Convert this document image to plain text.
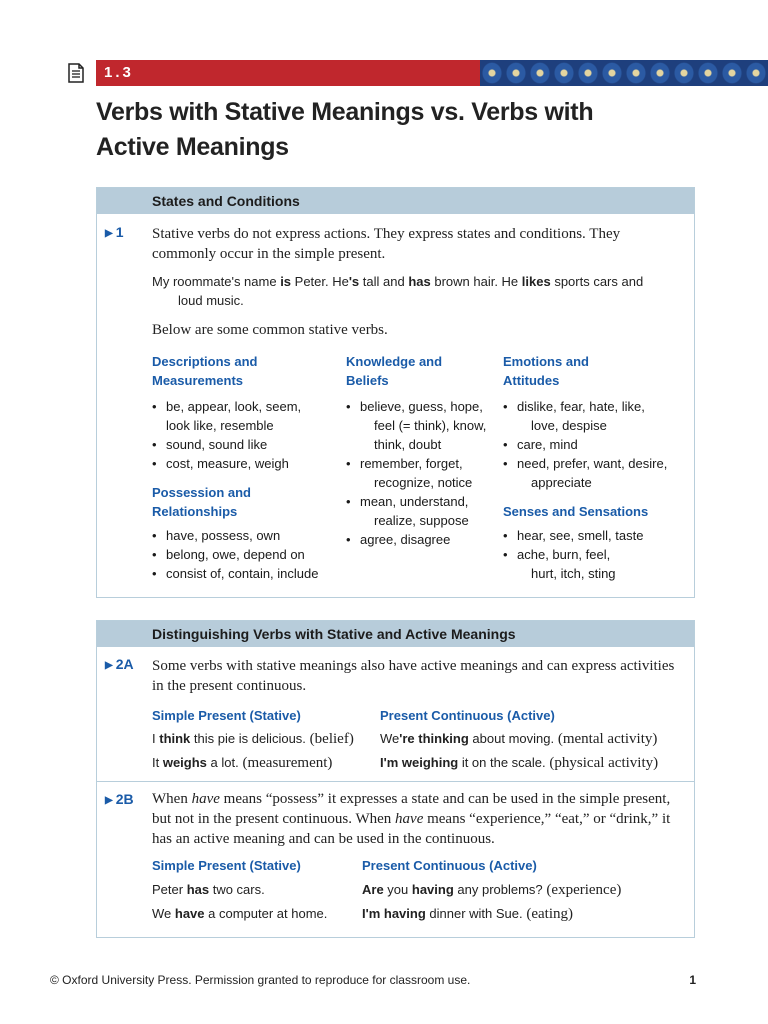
1.3
Verbs with Stative Meanings vs. Verbs with
Active Meanings
States and Conditions
▶ 1 Stative verbs do not express actions. They express states and conditions. They
commonly occur in the simple present.
My roommate's name is Peter. He's tall and has brown hair. He likes sports cars and
loud music.
Below are some common stative verbs.
Descriptions and
Measurements
• be, appear, look, seem,
look like, resemble
• sound, sound like
• cost, measure, weigh
Possession and
Relationships
• have, possess, own
• belong, owe, depend on
• consist of, contain, include
Knowledge and
Beliefs
• believe, guess, hope,
feel (= think), know,
think, doubt
• remember, forget,
recognize, notice
• mean, understand,
realize, suppose
• agree, disagree
Emotions and
Attitudes
• dislike, fear, hate, like,
love, despise
• care, mind
• need, prefer, want, desire,
appreciate
Senses and Sensations
• hear, see, smell, taste
• ache, burn, feel,
hurt, itch, sting
Distinguishing Verbs with Stative and Active Meanings
▶ 2A Some verbs with stative meanings also have active meanings and can express activities
in the present continuous.
Simple Present (Stative)	Present Continuous (Active)
I think this pie is delicious. (belief) We're thinking about moving. (mental activity)
It weighs a lot. (measurement)	I'm weighing it on the scale. (physical activity)
▶ 2B When have means “possess” it expresses a state and can be used in the simple present,
but not in the present continuous. When have means “experience,” “eat,” or “drink,” it
has an active meaning and can be used in the continuous.
Simple Present (Stative)	Present Continuous (Active)
Peter has two cars.	Are you having any problems? (experience)
We have a computer at home.	I'm having dinner with Sue. (eating)
© Oxford University Press. Permission granted to reproduce for classroom use.	1
